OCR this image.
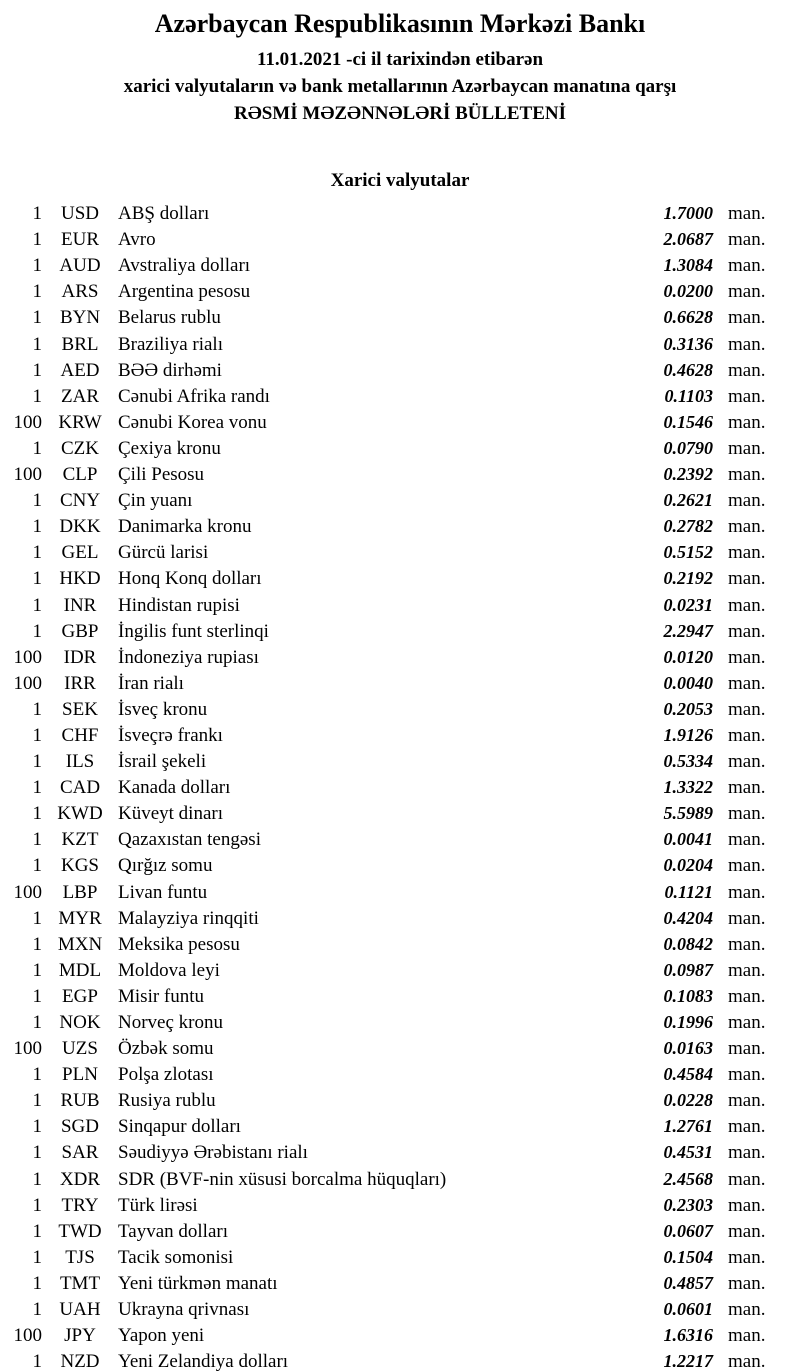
Azərbaycan Respublikasının Mərkəzi Bankı
11.01.2021 -ci il tarixindən etibarən
xarici valyutaların və bank metallarının Azərbaycan manatına qarşı
RƏSMİ MƏZƏNNƏLƏRİ BÜLLETENİ
Xarici valyutalar
1 USD	ABŞ dolları	1.7000 man.
1	EUR	Avro	2.0687 man.
1 AUD Avstraliya dolları	1.3084 man.
1	ARS	Argentina pesosu	0.0200 man.
1 BYN Belarus rublu	0.6628 man.
1	BRL	Braziliya rialı	0.3136 man.
1 AED BƏƏ dirhəmi	0.4628 man.
1	ZAR	Cənubi Afrika randı	0.1103 man.
100 KRW Cənubi Korea vonu	0.1546 man.
1	CZK	Çexiya kronu	0.0790 man.
100	CLP	Çili Pesosu	0.2392 man.
1 CNY Çin yuanı	0.2621 man.
1 DKK Danimarka kronu	0.2782 man.
1	GEL	Gürcü larisi	0.5152 man.
1 HKD Honq Konq dolları	0.2192 man.
1	INR	Hindistan rupisi	0.0231 man.
1	GBP	İngilis funt sterlinqi	2.2947 man.
100	IDR	İndoneziya rupiası	0.0120 man.
100	IRR	İran rialı	0.0040 man.
1	SEK	İsveç kronu	0.2053 man.
1	CHF	İsveçrə frankı	1.9126 man.
1	ILS	İsrail şekeli	0.5334 man.
1 CAD Kanada dolları	1.3322 man.
1 KWD Küveyt dinarı	5.5989 man.
1	KZT	Qazaxıstan tengəsi	0.0041 man.
1 KGS	Qırğız somu	0.0204 man.
100	LBP	Livan funtu	0.1121 man.
1 MYR Malayziya rinqqiti	0.4204 man.
1 MXN Meksika pesosu	0.0842 man.
1 MDL Moldova leyi	0.0987 man.
1	EGP	Misir funtu	0.1083 man.
1 NOK Norveç kronu	0.1996 man.
100	UZS	Özbək somu	0.0163 man.
1	PLN	Polşa zlotası	0.4584 man.
1 RUB Rusiya rublu	0.0228 man.
1 SGD	Sinqapur dolları	1.2761 man.
1	SAR	Səudiyyə Ərəbistanı rialı	0.4531 man.
1 XDR SDR (BVF-nin xüsusi borcalma hüquqları)	2.4568 man.
1	TRY	Türk lirəsi	0.2303 man.
1 TWD Tayvan dolları	0.0607 man.
1	TJS	Tacik somonisi	0.1504 man.
1 TMT Yeni türkmən manatı	0.4857 man.
1 UAH Ukrayna qrivnası	0.0601 man.
100	JPY	Yapon yeni	1.6316 man.
1 NZD Yeni Zelandiya dolları	1.2217 man.
